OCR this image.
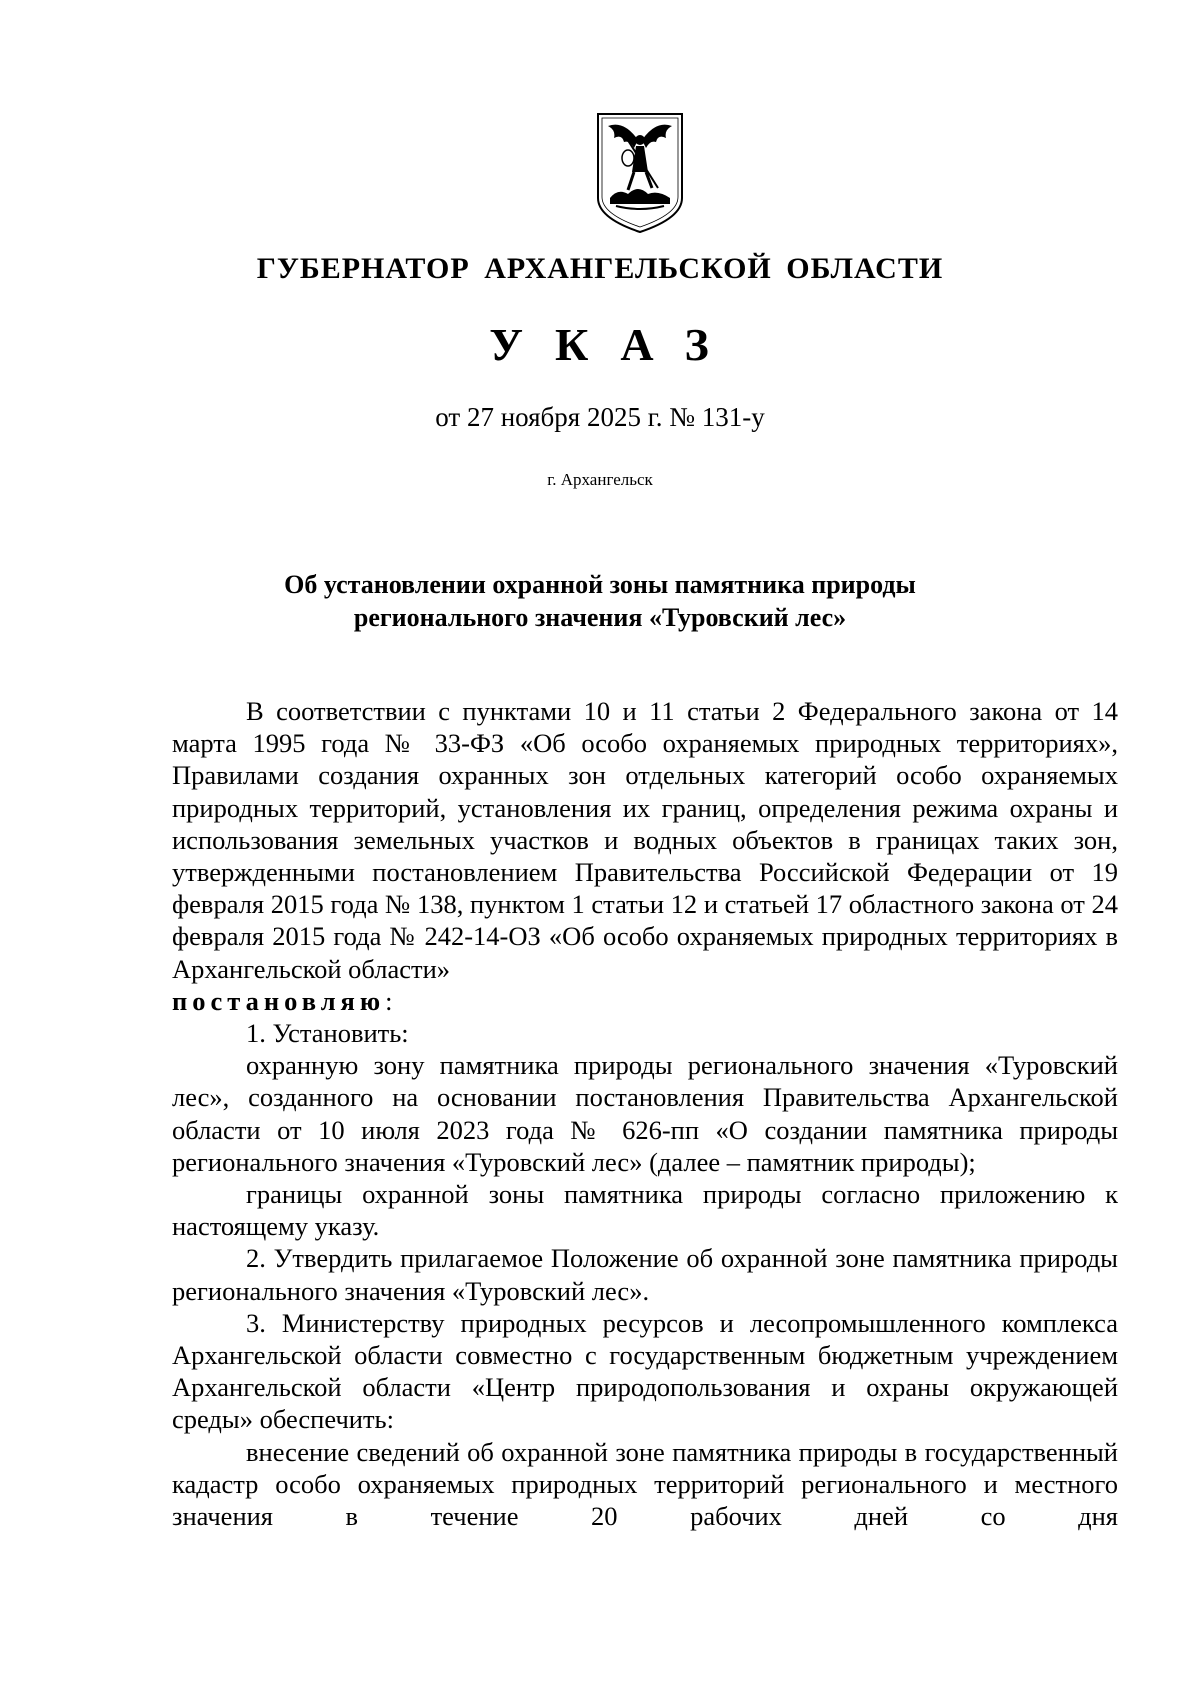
ГУБЕРНАТОР АРХАНГЕЛЬСКОЙ ОБЛАСТИ
УКАЗ
от 27 ноября 2025 г. № 131-у
г. Архангельск
Об установлении охранной зоны памятника природы
регионального значения «Туровский лес»

В соответствии с пунктами 10 и 11 статьи 2 Федерального закона от 14 марта 1995 года № 33-ФЗ «Об особо охраняемых природных территориях», Правилами создания охранных зон отдельных категорий особо охраняемых природных территорий, установления их границ, определения режима охраны и использования земельных участков и водных объектов в границах таких зон, утвержденными постановлением Правительства Российской Федерации от 19 февраля 2015 года № 138, пунктом 1 статьи 12 и статьей 17 областного закона от 24 февраля 2015 года № 242-14-ОЗ «Об особо охраняемых природных территориях в Архангельской области»

постановляю:

1. Установить:

охранную зону памятника природы регионального значения «Туровский лес», созданного на основании постановления Правительства Архангельской области от 10 июля 2023 года № 626-пп «О создании памятника природы регионального значения «Туровский лес» (далее – памятник природы);

границы охранной зоны памятника природы согласно приложению к настоящему указу.

2. Утвердить прилагаемое Положение об охранной зоне памятника природы регионального значения «Туровский лес».

3. Министерству природных ресурсов и лесопромышленного комплекса Архангельской области совместно с государственным бюджетным учреждением Архангельской области «Центр природопользования и охраны окружающей среды» обеспечить:

внесение сведений об охранной зоне памятника природы в государственный кадастр особо охраняемых природных территорий регионального и местного значения в течение 20 рабочих дней со дня
